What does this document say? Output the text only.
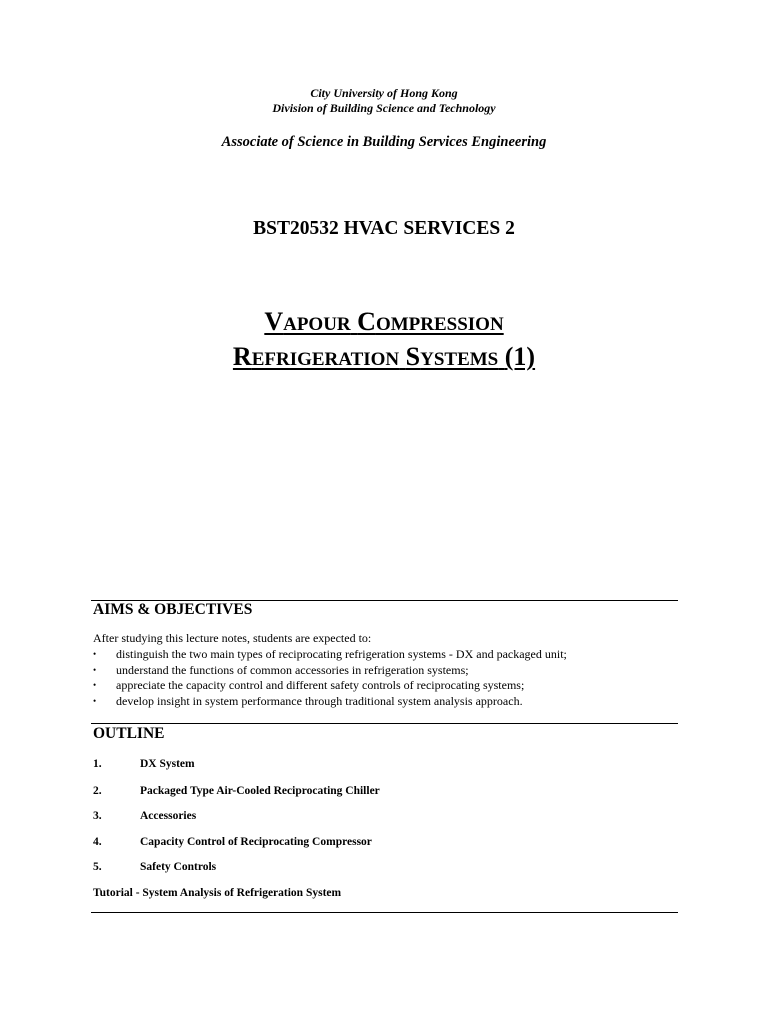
City University of Hong Kong
Division of Building Science and Technology
Associate of Science in Building Services Engineering
BST20532 HVAC SERVICES 2
VAPOUR COMPRESSION
REFRIGERATION SYSTEMS (1)
AIMS & OBJECTIVES
After studying this lecture notes, students are expected to:
• distinguish the two main types of reciprocating refrigeration systems - DX and packaged unit;
• understand the functions of common accessories in refrigeration systems;
• appreciate the capacity control and different safety controls of reciprocating systems;
• develop insight in system performance through traditional system analysis approach.
OUTLINE
1.	DX System
2.	Packaged Type Air-Cooled Reciprocating Chiller
3.	Accessories
4.	Capacity Control of Reciprocating Compressor
5.	Safety Controls
Tutorial - System Analysis of Refrigeration System
